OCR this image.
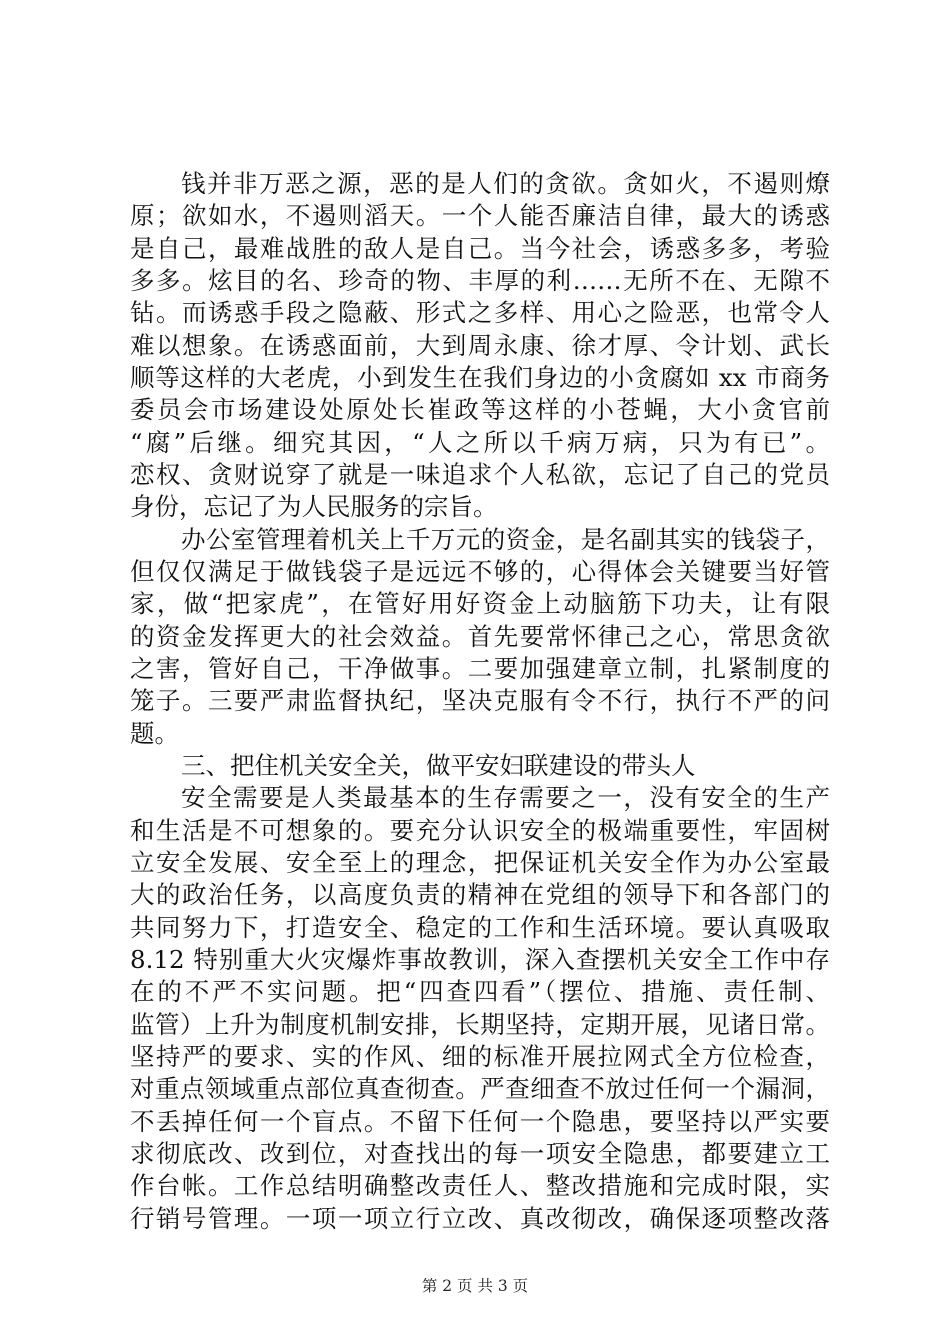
钱并非万恶之源，恶的是人们的贪欲。贪如火，不遏则燎
原；欲如水，不遏则滔天。一个人能否廉洁自律，最大的诱惑
是自己，最难战胜的敌人是自己。当今社会，诱惑多多，考验
多多。炫目的名、珍奇的物、丰厚的利……无所不在、无隙不
钻。而诱惑手段之隐蔽、形式之多样、用心之险恶，也常令人
难以想象。在诱惑面前，大到周永康、徐才厚、令计划、武长
顺等这样的大老虎，小到发生在我们身边的小贪腐如 xx 市商务
委员会市场建设处原处长崔政等这样的小苍蝇，大小贪官前
“腐”后继。细究其因，“人之所以千病万病，只为有已”。
恋权、贪财说穿了就是一味追求个人私欲，忘记了自己的党员
身份，忘记了为人民服务的宗旨。
办公室管理着机关上千万元的资金，是名副其实的钱袋子，
但仅仅满足于做钱袋子是远远不够的，心得体会关键要当好管
家，做“把家虎”，在管好用好资金上动脑筋下功夫，让有限
的资金发挥更大的社会效益。首先要常怀律己之心，常思贪欲
之害，管好自己，干净做事。二要加强建章立制，扎紧制度的
笼子。三要严肃监督执纪，坚决克服有令不行，执行不严的问
题。
三、把住机关安全关，做平安妇联建设的带头人
安全需要是人类最基本的生存需要之一，没有安全的生产
和生活是不可想象的。要充分认识安全的极端重要性，牢固树
立安全发展、安全至上的理念，把保证机关安全作为办公室最
大的政治任务，以高度负责的精神在党组的领导下和各部门的
共同努力下，打造安全、稳定的工作和生活环境。要认真吸取
8.12 特别重大火灾爆炸事故教训，深入查摆机关安全工作中存
在的不严不实问题。把“四查四看”（摆位、措施、责任制、
监管）上升为制度机制安排，长期坚持，定期开展，见诸日常。
坚持严的要求、实的作风、细的标准开展拉网式全方位检查，
对重点领域重点部位真查彻查。严查细查不放过任何一个漏洞，
不丢掉任何一个盲点。不留下任何一个隐患，要坚持以严实要
求彻底改、改到位，对查找出的每一项安全隐患，都要建立工
作台帐。工作总结明确整改责任人、整改措施和完成时限，实
行销号管理。一项一项立行立改、真改彻改，确保逐项整改落
第 2 页 共 3 页
